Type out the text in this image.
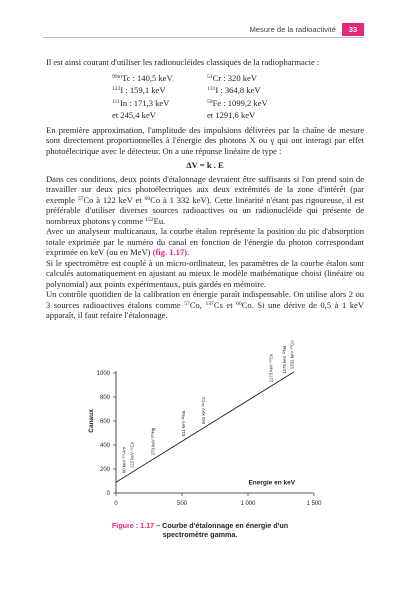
Mesure de la radioactivité	33

Il est ainsi courant d'utiliser les radionucléides classiques de la radiopharmacie :

$^{99m}$Tc : 140,5 keV	$^{51}$Cr : 320 keV
$^{123}$I : 159,1 keV	$^{131}$I : 364,8 keV
$^{111}$In : 171,3 keV	$^{59}$Fe : 1099,2 keV
et 245,4 keV	et 1291,6 keV

En première approximation, l'amplitude des impulsions délivrées par la chaîne de mesure sont directement proportionnelles à l'énergie des photons X ou γ qui ont interagi par effet photoélectrique avec le détecteur. On a une réponse linéaire de type :

ΔV = k . E

Dans ces conditions, deux points d'étalonnage devraient être suffisants si l'on prend soin de travailler sur deux pics photoélectriques aux deux extrémités de la zone d'intérêt (par exemple $^{57}$Co à 122 keV et $^{60}$Co à 1 332 keV). Cette linéarité n'étant pas rigoureuse, il est préférable d'utiliser diverses sources radioactives ou un radionucléide qui présente de nombreux photons γ comme $^{152}$Eu.

Avec un analyseur multicanaux, la courbe étalon représente la position du pic d'absorption totale exprimée par le numéro du canal en fonction de l'énergie du photon correspondant exprimée en keV (ou en MeV) (fig. 1.17).

Si le spectromètre est couplé à un micro-ordinateur, les paramètres de la courbe étalon sont calculés automatiquement en ajustant au mieux le modèle mathématique choisi (linéaire ou polynomial) aux points expérimentaux, puis gardés en mémoire.

Un contrôle quotidien de la calibration en énergie paraît indispensable. On utilise alors 2 ou 3 sources radioactives étalons comme $^{57}$Co, $^{137}$Cs et $^{60}$Co. Si une dérive de 0,5 à 1 keV apparaît, il faut refaire l'étalonnage.

0
200
400
600
800
1000
0	500	1 000	1 500
Canaux
Energie en keV
60 keV ²⁴¹Am 122 keV ⁵⁷Co	279 keV ²⁰³Hg
511 keV ²²Na	662 keV ¹³⁷Cs
1173 keV ⁶⁰Co 1275 keV ²²Na 1332 keV ⁶⁰Co
Figure : 1.17 – Courbe d'étalonnage en énergie d'un spectromètre gamma.
